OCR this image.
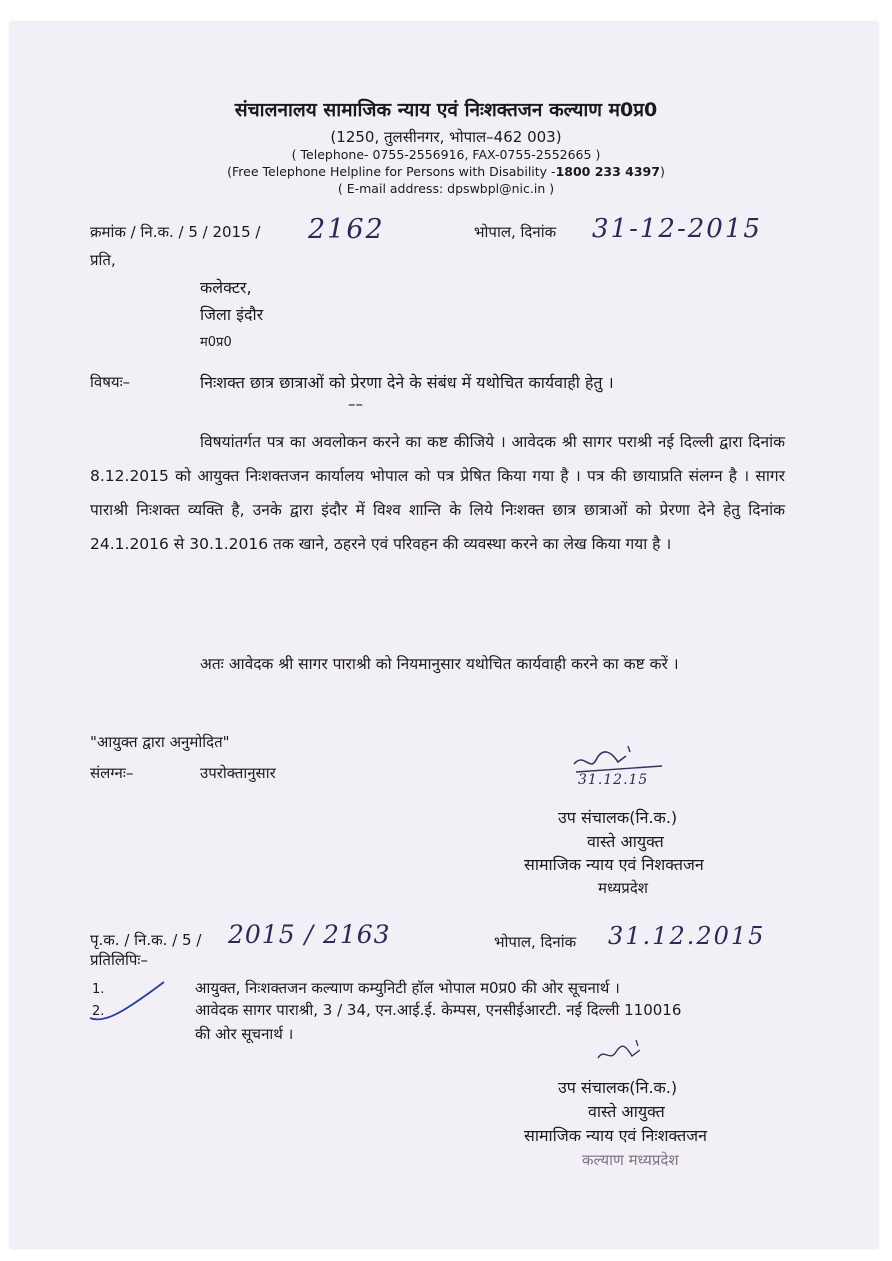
संचालनालय सामाजिक न्याय एवं निःशक्तजन कल्याण म0प्र0
(1250, तुलसीनगर, भोपाल–462 003)
( Telephone- 0755-2556916, FAX-0755-2552665 )
(Free Telephone Helpline for Persons with Disability -1800 233 4397)
( E-mail address: dpswbpl@nic.in )
क्रमांक / नि.क. / 5 / 2015 / 2162	भोपाल, दिनांक 31-12-2015
प्रति,
कलेक्टर,
जिला इंदौर
म0प्र0
विषयः–	निःशक्त छात्र छात्राओं को प्रेरणा देने के संबंध में यथोचित कार्यवाही हेतु ।
––
विषयांतर्गत पत्र का अवलोकन करने का कष्ट कीजिये । आवेदक श्री सागर पराश्री नई दिल्ली द्वारा दिनांक 8.12.2015 को आयुक्त निःशक्तजन कार्यालय भोपाल को पत्र प्रेषित किया गया है । पत्र की छायाप्रति संलग्न है । सागर पाराश्री निःशक्त व्यक्ति है, उनके द्वारा इंदौर में विश्व शान्ति के लिये निःशक्त छात्र छात्राओं को प्रेरणा देने हेतु दिनांक 24.1.2016 से 30.1.2016 तक खाने, ठहरने एवं परिवहन की व्यवस्था करने का लेख किया गया है ।
अतः आवेदक श्री सागर पाराश्री को नियमानुसार यथोचित कार्यवाही करने का कष्ट करें ।
"आयुक्त द्वारा अनुमोदित"
संलग्नः–	उपरोक्तानुसार	31.12.15
उप संचालक(नि.क.)
वास्ते आयुक्त
सामाजिक न्याय एवं निशक्तजन
मध्यप्रदेश
पृ.क. / नि.क. / 5 / 2015 / 2163	भोपाल, दिनांक 31.12.2015
प्रतिलिपिः–
1.	आयुक्त, निःशक्तजन कल्याण कम्युनिटी हॉल भोपाल म0प्र0 की ओर सूचनार्थ ।
2.	आवेदक सागर पाराश्री, 3 / 34, एन.आई.ई. केम्पस, एनसीईआरटी. नई दिल्ली 110016
की ओर सूचनार्थ ।
उप संचालक(नि.क.)
वास्ते आयुक्त
सामाजिक न्याय एवं निःशक्तजन
कल्याण मध्यप्रदेश
